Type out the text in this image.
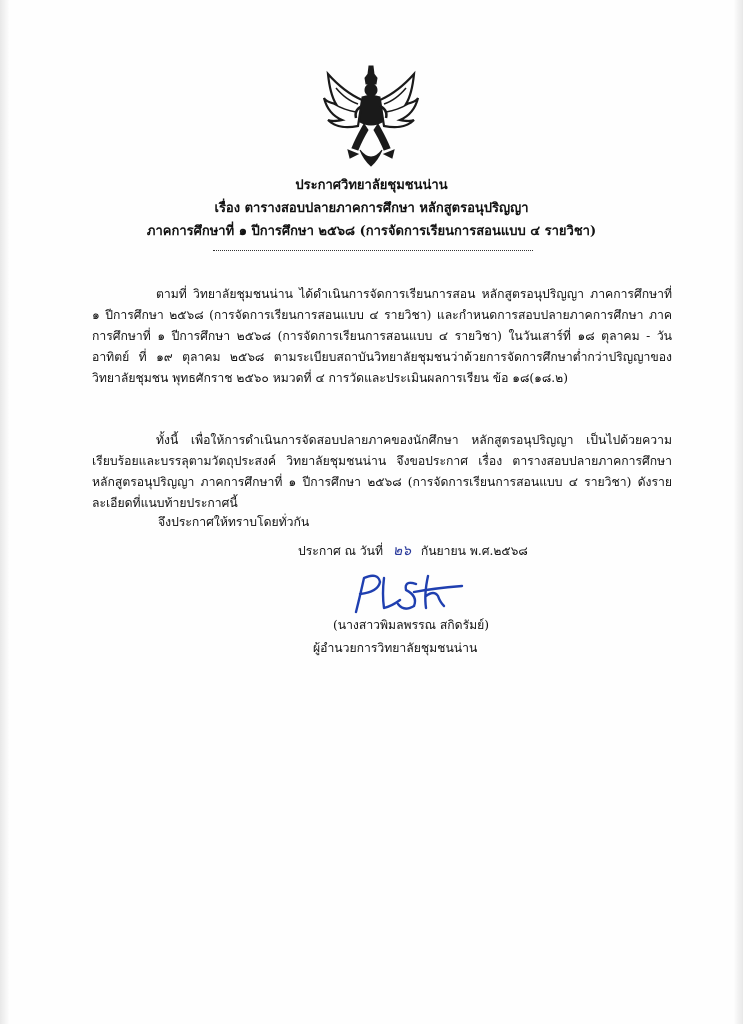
ประกาศวิทยาลัยชุมชนน่าน
เรื่อง ตารางสอบปลายภาคการศึกษา หลักสูตรอนุปริญญา
ภาคการศึกษาที่ ๑ ปีการศึกษา ๒๕๖๘ (การจัดการเรียนการสอนแบบ ๔ รายวิชา)
ตามที่ วิทยาลัยชุมชนน่าน ได้ดำเนินการจัดการเรียนการสอน หลักสูตรอนุปริญญา ภาคการศึกษาที่ ๑ ปีการศึกษา ๒๕๖๘ (การจัดการเรียนการสอนแบบ ๔ รายวิชา) และกำหนดการสอบปลายภาคการศึกษา ภาคการศึกษาที่ ๑ ปีการศึกษา ๒๕๖๘ (การจัดการเรียนการสอนแบบ ๔ รายวิชา) ในวันเสาร์ที่ ๑๘ ตุลาคม - วันอาทิตย์ ที่ ๑๙ ตุลาคม ๒๕๖๘ ตามระเบียบสถาบันวิทยาลัยชุมชนว่าด้วยการจัดการศึกษาต่ำกว่าปริญญาของวิทยาลัยชุมชน พุทธศักราช ๒๕๖๐ หมวดที่ ๔ การวัดและประเมินผลการเรียน ข้อ ๑๘(๑๘.๒)
ทั้งนี้ เพื่อให้การดำเนินการจัดสอบปลายภาคของนักศึกษา หลักสูตรอนุปริญญา เป็นไปด้วยความเรียบร้อยและบรรลุตามวัตถุประสงค์ วิทยาลัยชุมชนน่าน จึงขอประกาศ เรื่อง ตารางสอบปลายภาคการศึกษา หลักสูตรอนุปริญญา ภาคการศึกษาที่ ๑ ปีการศึกษา ๒๕๖๘ (การจัดการเรียนการสอนแบบ ๔ รายวิชา) ดังรายละเอียดที่แนบท้ายประกาศนี้
จึงประกาศให้ทราบโดยทั่วกัน
ประกาศ ณ วันที่ ๒๖ กันยายน พ.ศ.๒๕๖๘
(นางสาวพิมลพรรณ สกิดรัมย์)
ผู้อำนวยการวิทยาลัยชุมชนน่าน
